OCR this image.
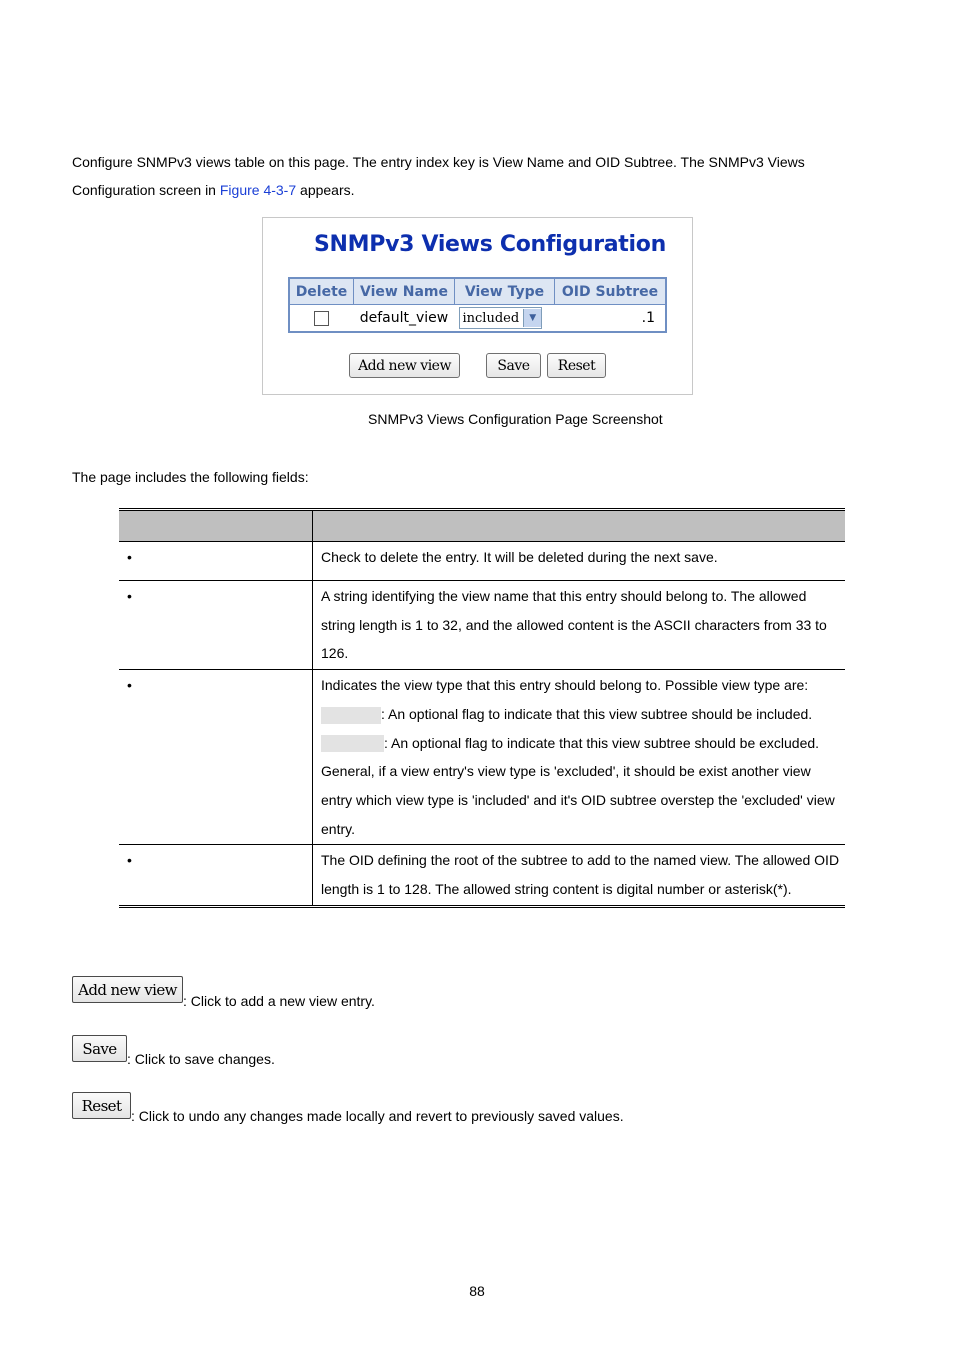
Configure SNMPv3 views table on this page. The entry index key is View Name and OID Subtree. The SNMPv3 Views Configuration screen in Figure 4-3-7 appears.
SNMPv3 Views Configuration
Delete	View Name	View Type	OID Subtree
	default_view	included ▼	.1
Add new view	Save	Reset
SNMPv3 Views Configuration Page Screenshot
The page includes the following fields:

•	Check to delete the entry. It will be deleted during the next save.
•	A string identifying the view name that this entry should belong to. The allowed string length is 1 to 32, and the allowed content is the ASCII characters from 33 to 126.
•	Indicates the view type that this entry should belong to. Possible view type are:
: An optional flag to indicate that this view subtree should be included.
: An optional flag to indicate that this view subtree should be excluded.
General, if a view entry's view type is 'excluded', it should be exist another view entry which view type is 'included' and it's OID subtree overstep the 'excluded' view entry.

•	The OID defining the root of the subtree to add to the named view. The allowed OID length is 1 to 128. The allowed string content is digital number or asterisk(*).
Add new view
: Click to add a new view entry.
Save
: Click to save changes.
Reset
: Click to undo any changes made locally and revert to previously saved values.
88
